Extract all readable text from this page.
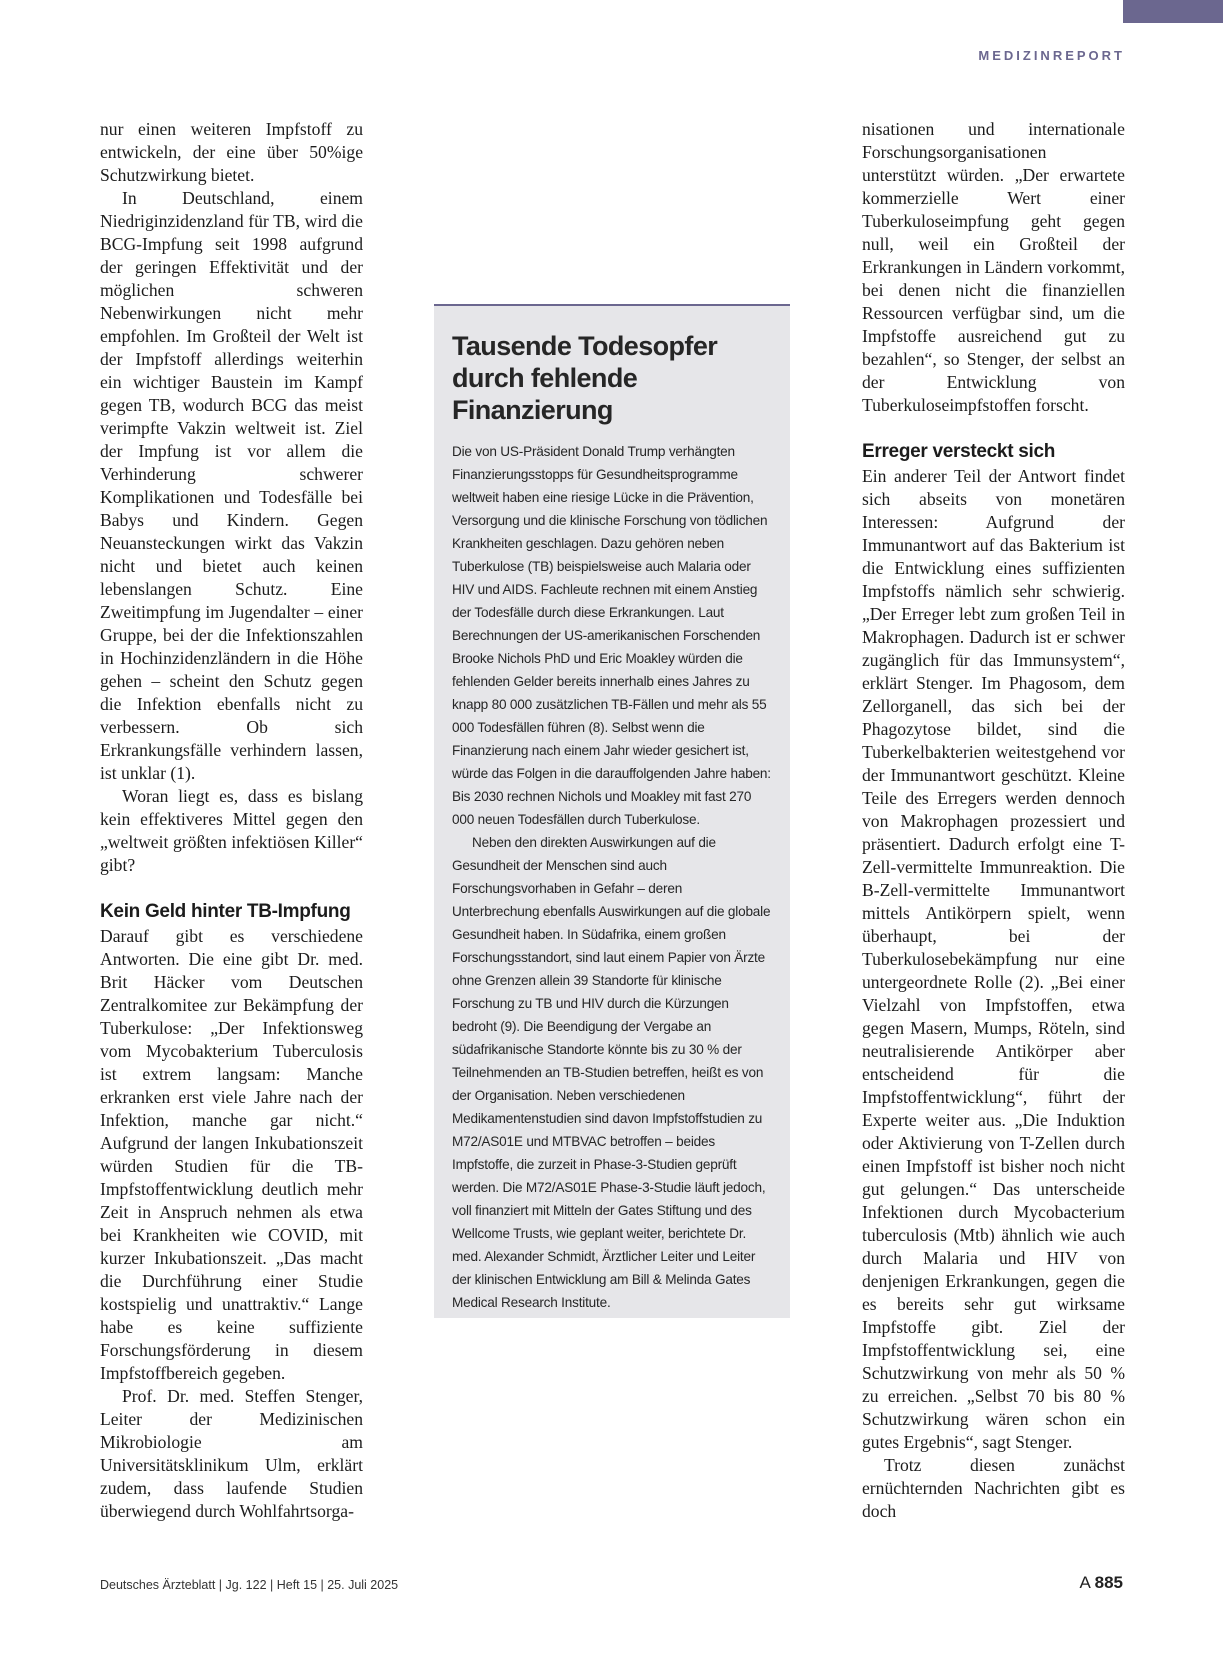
MEDIZINREPORT

nur einen weiteren Impfstoff zu entwickeln, der eine über 50%ige Schutzwirkung bietet.

In Deutschland, einem Niedriginzidenzland für TB, wird die BCG-Impfung seit 1998 aufgrund der geringen Effektivität und der möglichen schweren Nebenwirkungen nicht mehr empfohlen. Im Großteil der Welt ist der Impfstoff allerdings weiterhin ein wichtiger Baustein im Kampf gegen TB, wodurch BCG das meist verimpfte Vakzin weltweit ist. Ziel der Impfung ist vor allem die Verhinderung schwerer Komplikationen und Todesfälle bei Babys und Kindern. Gegen Neuansteckungen wirkt das Vakzin nicht und bietet auch keinen lebenslangen Schutz. Eine Zweitimpfung im Jugendalter – einer Gruppe, bei der die Infektionszahlen in Hochinzidenzländern in die Höhe gehen – scheint den Schutz gegen die Infektion ebenfalls nicht zu verbessern. Ob sich Erkrankungsfälle verhindern lassen, ist unklar (1).

Woran liegt es, dass es bislang kein effektiveres Mittel gegen den „weltweit größten infektiösen Killer“ gibt?

Kein Geld hinter TB-Impfung

Darauf gibt es verschiedene Antworten. Die eine gibt Dr. med. Brit Häcker vom Deutschen Zentralkomitee zur Bekämpfung der Tuberkulose: „Der Infektionsweg vom Mycobakterium Tuberculosis ist extrem langsam: Manche erkranken erst viele Jahre nach der Infektion, manche gar nicht.“ Aufgrund der langen Inkubationszeit würden Studien für die TB-Impfstoffentwicklung deutlich mehr Zeit in Anspruch nehmen als etwa bei Krankheiten wie COVID, mit kurzer Inkubationszeit. „Das macht die Durchführung einer Studie kostspielig und unattraktiv.“ Lange habe es keine suffiziente Forschungsförderung in diesem Impfstoffbereich gegeben.

Prof. Dr. med. Steffen Stenger, Leiter der Medizinischen Mikrobiologie am Universitätsklinikum Ulm, erklärt zudem, dass laufende Studien überwiegend durch Wohlfahrtsorga-

Tausende Todesopfer durch fehlende Finanzierung

Die von US-Präsident Donald Trump verhängten Finanzierungsstopps für Gesundheitsprogramme weltweit haben eine riesige Lücke in die Prävention, Versorgung und die klinische Forschung von tödlichen Krankheiten geschlagen. Dazu gehören neben Tuberkulose (TB) beispielsweise auch Malaria oder HIV und AIDS. Fachleute rechnen mit einem Anstieg der Todesfälle durch diese Erkrankungen. Laut Berechnungen der US-amerikanischen Forschenden Brooke Nichols PhD und Eric Moakley würden die fehlenden Gelder bereits innerhalb eines Jahres zu knapp 80 000 zusätzlichen TB-Fällen und mehr als 55 000 Todesfällen führen (8). Selbst wenn die Finanzierung nach einem Jahr wieder gesichert ist, würde das Folgen in die darauffolgenden Jahre haben: Bis 2030 rechnen Nichols und Moakley mit fast 270 000 neuen Todesfällen durch Tuberkulose.

Neben den direkten Auswirkungen auf die Gesundheit der Menschen sind auch Forschungsvorhaben in Gefahr – deren Unterbrechung ebenfalls Auswirkungen auf die globale Gesundheit haben. In Südafrika, einem großen Forschungsstandort, sind laut einem Papier von Ärzte ohne Grenzen allein 39 Standorte für klinische Forschung zu TB und HIV durch die Kürzungen bedroht (9). Die Beendigung der Vergabe an südafrikanische Standorte könnte bis zu 30 % der Teilnehmenden an TB-Studien betreffen, heißt es von der Organisation. Neben verschiedenen Medikamentenstudien sind davon Impfstoffstudien zu M72/AS01E und MTBVAC betroffen – beides Impfstoffe, die zurzeit in Phase-3-Studien geprüft werden. Die M72/AS01E Phase-3-Studie läuft jedoch, voll finanziert mit Mitteln der Gates Stiftung und des Wellcome Trusts, wie geplant weiter, berichtete Dr. med. Alexander Schmidt, Ärztlicher Leiter und Leiter der klinischen Entwicklung am Bill & Melinda Gates Medical Research Institute.

nisationen und internationale Forschungsorganisationen unterstützt würden. „Der erwartete kommerzielle Wert einer Tuberkuloseimpfung geht gegen null, weil ein Großteil der Erkrankungen in Ländern vorkommt, bei denen nicht die finanziellen Ressourcen verfügbar sind, um die Impfstoffe ausreichend gut zu bezahlen“, so Stenger, der selbst an der Entwicklung von Tuberkuloseimpfstoffen forscht.

Erreger versteckt sich

Ein anderer Teil der Antwort findet sich abseits von monetären Interessen: Aufgrund der Immunantwort auf das Bakterium ist die Entwicklung eines suffizienten Impfstoffs nämlich sehr schwierig. „Der Erreger lebt zum großen Teil in Makrophagen. Dadurch ist er schwer zugänglich für das Immunsystem“, erklärt Stenger. Im Phagosom, dem Zellorganell, das sich bei der Phagozytose bildet, sind die Tuberkelbakterien weitestgehend vor der Immunantwort geschützt. Kleine Teile des Erregers werden dennoch von Makrophagen prozessiert und präsentiert. Dadurch erfolgt eine T-Zell-vermittelte Immunreaktion. Die B-Zell-vermittelte Immunantwort mittels Antikörpern spielt, wenn überhaupt, bei der Tuberkulosebekämpfung nur eine untergeordnete Rolle (2). „Bei einer Vielzahl von Impfstoffen, etwa gegen Masern, Mumps, Röteln, sind neutralisierende Antikörper aber entscheidend für die Impfstoffentwicklung“, führt der Experte weiter aus. „Die Induktion oder Aktivierung von T-Zellen durch einen Impfstoff ist bisher noch nicht gut gelungen.“ Das unterscheide Infektionen durch Mycobacterium tuberculosis (Mtb) ähnlich wie auch durch Malaria und HIV von denjenigen Erkrankungen, gegen die es bereits sehr gut wirksame Impfstoffe gibt. Ziel der Impfstoffentwicklung sei, eine Schutzwirkung von mehr als 50 % zu erreichen. „Selbst 70 bis 80 % Schutzwirkung wären schon ein gutes Ergebnis“, sagt Stenger.

Trotz diesen zunächst ernüchternden Nachrichten gibt es doch

Deutsches Ärzteblatt | Jg. 122 | Heft 15 | 25. Juli 2025	A 885
